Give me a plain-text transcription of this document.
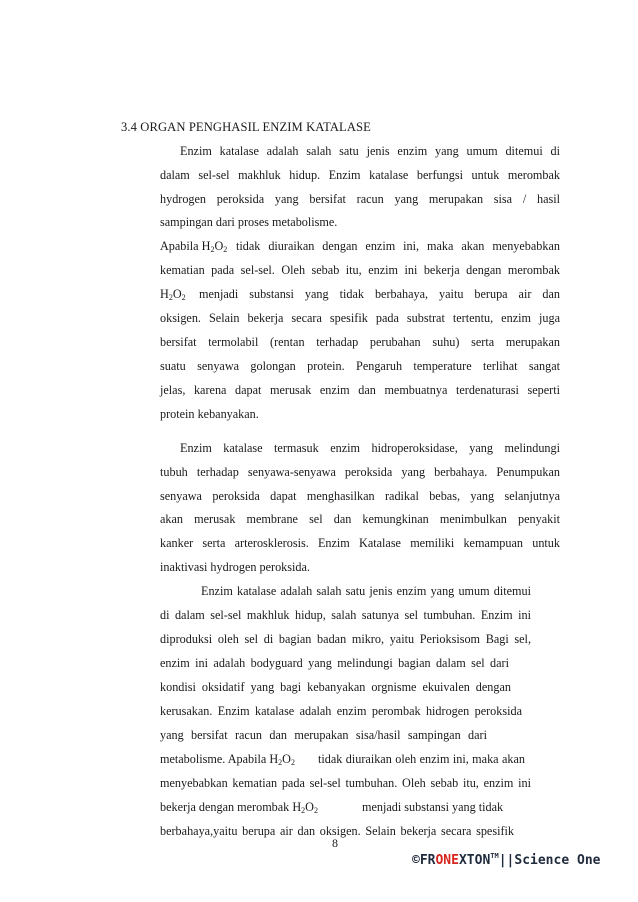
3.4 ORGAN PENGHASIL ENZIM KATALASE
Enzim katalase adalah salah satu jenis enzim yang umum ditemui di
dalam sel-sel makhluk hidup. Enzim katalase berfungsi untuk merombak
hydrogen peroksida yang bersifat racun yang merupakan sisa / hasil
sampingan dari proses metabolisme.
Apabila $H_2O_2$ tidak diuraikan dengan enzim ini, maka akan menyebabkan
kematian pada sel-sel. Oleh sebab itu, enzim ini bekerja dengan merombak
$H_2O_2$ menjadi substansi yang tidak berbahaya, yaitu berupa air dan
oksigen. Selain bekerja secara spesifik pada substrat tertentu, enzim juga
bersifat termolabil (rentan terhadap perubahan suhu) serta merupakan
suatu senyawa golongan protein. Pengaruh temperature terlihat sangat
jelas, karena dapat merusak enzim dan membuatnya terdenaturasi seperti
protein kebanyakan.
Enzim katalase termasuk enzim hidroperoksidase, yang melindungi
tubuh terhadap senyawa-senyawa peroksida yang berbahaya. Penumpukan
senyawa peroksida dapat menghasilkan radikal bebas, yang selanjutnya
akan merusak membrane sel dan kemungkinan menimbulkan penyakit
kanker serta arterosklerosis. Enzim Katalase memiliki kemampuan untuk
inaktivasi hydrogen peroksida.
Enzim katalase adalah salah satu jenis enzim yang umum ditemui
di dalam sel-sel makhluk hidup, salah satunya sel tumbuhan. Enzim ini
diproduksi oleh sel di bagian badan mikro, yaitu Perioksisom Bagi sel,
enzim ini adalah bodyguard yang melindungi bagian dalam sel dari
kondisi oksidatif yang bagi kebanyakan orgnisme ekuivalen dengan
kerusakan. Enzim katalase adalah enzim perombak hidrogen peroksida
yang bersifat racun dan merupakan sisa/hasil sampingan dari
metabolisme. Apabila $H_2O_2$ tidak diuraikan oleh enzim ini, maka akan
menyebabkan kematian pada sel-sel tumbuhan. Oleh sebab itu, enzim ini
bekerja dengan merombak $H_2O_2$	menjadi substansi yang tidak
berbahaya,yaitu berupa air dan oksigen. Selain bekerja secara spesifik
8
©FRONEXTON™||Science One
